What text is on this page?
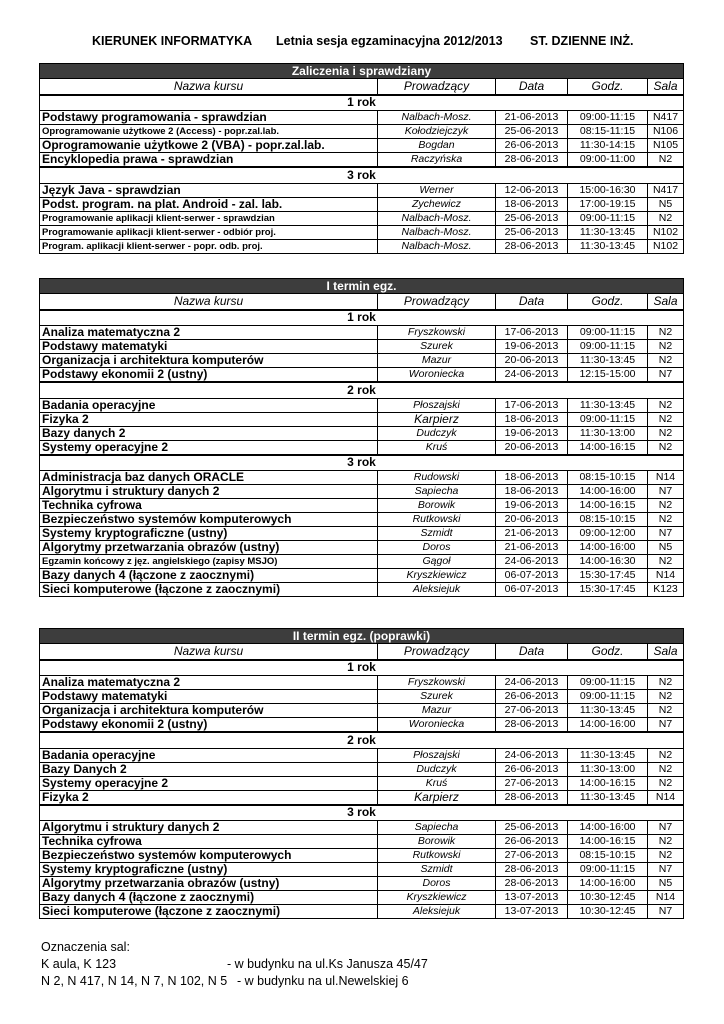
KIERUNEK INFORMATYKA Letnia sesja egzaminacyjna 2012/2013 ST. DZIENNE INŻ.
Zaliczenia i sprawdziany				
Nazwa kursu	Prowadzący	Data	Godz.	Sala
1 rok				
Podstawy programowania - sprawdzian	Nalbach-Mosz.	21-06-2013	09:00-11:15	N417
Oprogramowanie użytkowe 2 (Access) - popr.zal.lab.	Kołodziejczyk	25-06-2013	08:15-11:15	N106
Oprogramowanie użytkowe 2 (VBA) - popr.zal.lab.	Bogdan	26-06-2013	11:30-14:15	N105
Encyklopedia prawa - sprawdzian	Raczyńska	28-06-2013	09:00-11:00	N2
3 rok				
Język Java - sprawdzian	Werner	12-06-2013	15:00-16:30	N417
Podst. program. na plat. Android - zal. lab.	Zychewicz	18-06-2013	17:00-19:15	N5
Programowanie aplikacji klient-serwer - sprawdzian	Nalbach-Mosz.	25-06-2013	09:00-11:15	N2
Programowanie aplikacji klient-serwer - odbiór proj.	Nalbach-Mosz.	25-06-2013	11:30-13:45	N102
Program. aplikacji klient-serwer - popr. odb. proj.	Nalbach-Mosz.	28-06-2013	11:30-13:45	N102
I termin egz.				
Nazwa kursu	Prowadzący	Data	Godz.	Sala
1 rok				
Analiza matematyczna 2	Fryszkowski	17-06-2013	09:00-11:15	N2
Podstawy matematyki	Szurek	19-06-2013	09:00-11:15	N2
Organizacja i architektura komputerów	Mazur	20-06-2013	11:30-13:45	N2
Podstawy ekonomii 2 (ustny)	Woroniecka	24-06-2013	12:15-15:00	N7
2 rok				
Badania operacyjne	Płoszajski	17-06-2013	11:30-13:45	N2
Fizyka 2	Karpierz	18-06-2013	09:00-11:15	N2
Bazy danych 2	Dudczyk	19-06-2013	11:30-13:00	N2
Systemy operacyjne 2	Kruś	20-06-2013	14:00-16:15	N2
3 rok				
Administracja baz danych ORACLE	Rudowski	18-06-2013	08:15-10:15	N14
Algorytmu i struktury danych 2	Sapiecha	18-06-2013	14:00-16:00	N7
Technika cyfrowa	Borowik	19-06-2013	14:00-16:15	N2
Bezpieczeństwo systemów komputerowych	Rutkowski	20-06-2013	08:15-10:15	N2
Systemy kryptograficzne (ustny)	Szmidt	21-06-2013	09:00-12:00	N7
Algorytmy przetwarzania obrazów (ustny)	Doros	21-06-2013	14:00-16:00	N5
Egzamin końcowy z jęz. angielskiego (zapisy MSJO)	Gągoł	24-06-2013	14:00-16:30	N2
Bazy danych 4 (łączone z zaocznymi)	Kryszkiewicz	06-07-2013	15:30-17:45	N14
Sieci komputerowe (łączone z zaocznymi)	Aleksiejuk	06-07-2013	15:30-17:45	K123
II termin egz. (poprawki)				
Nazwa kursu	Prowadzący	Data	Godz.	Sala
1 rok				
Analiza matematyczna 2	Fryszkowski	24-06-2013	09:00-11:15	N2
Podstawy matematyki	Szurek	26-06-2013	09:00-11:15	N2
Organizacja i architektura komputerów	Mazur	27-06-2013	11:30-13:45	N2
Podstawy ekonomii 2 (ustny)	Woroniecka	28-06-2013	14:00-16:00	N7
2 rok				
Badania operacyjne	Płoszajski	24-06-2013	11:30-13:45	N2
Bazy Danych 2	Dudczyk	26-06-2013	11:30-13:00	N2
Systemy operacyjne 2	Kruś	27-06-2013	14:00-16:15	N2
Fizyka 2	Karpierz	28-06-2013	11:30-13:45	N14
3 rok				
Algorytmu i struktury danych 2	Sapiecha	25-06-2013	14:00-16:00	N7
Technika cyfrowa	Borowik	26-06-2013	14:00-16:15	N2
Bezpieczeństwo systemów komputerowych	Rutkowski	27-06-2013	08:15-10:15	N2
Systemy kryptograficzne (ustny)	Szmidt	28-06-2013	09:00-11:15	N7
Algorytmy przetwarzania obrazów (ustny)	Doros	28-06-2013	14:00-16:00	N5
Bazy danych 4 (łączone z zaocznymi)	Kryszkiewicz	13-07-2013	10:30-12:45	N14
Sieci komputerowe (łączone z zaocznymi)	Aleksiejuk	13-07-2013	10:30-12:45	N7
Oznaczenia sal:
K aula, K 123	- w budynku na ul.Ks Janusza 45/47
N 2, N 417, N 14, N 7, N 102, N 5 - w budynku na ul.Newelskiej 6
